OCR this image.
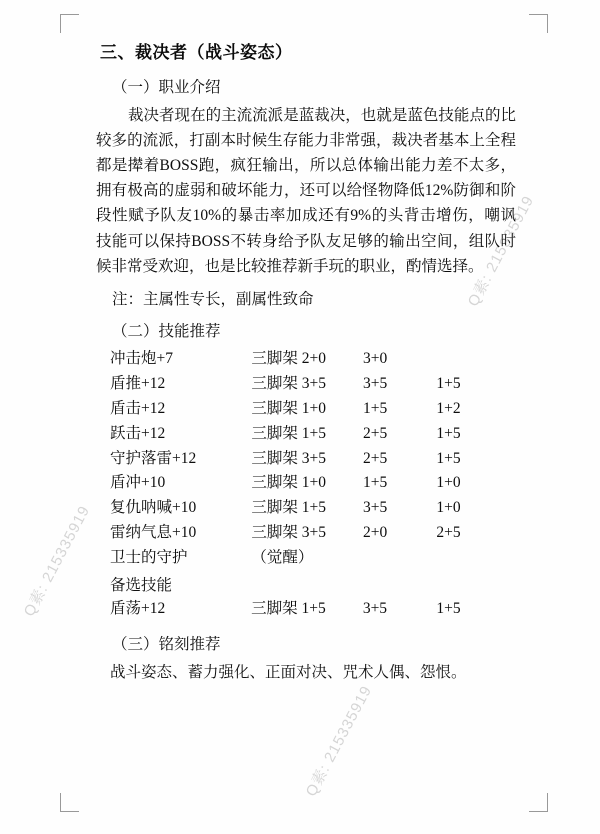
三、裁决者（战斗姿态）
（一）职业介绍

裁决者现在的主流流派是蓝裁决，也就是蓝色技能点的比较多的流派，打副本时候生存能力非常强，裁决者基本上全程都是撵着BOSS跑，疯狂输出，所以总体输出能力差不太多，拥有极高的虚弱和破坏能力，还可以给怪物降低12%防御和阶段性赋予队友10%的暴击率加成还有9%的头背击增伤，嘲讽技能可以保持BOSS不转身给予队友足够的输出空间，组队时候非常受欢迎，也是比较推荐新手玩的职业，酌情选择。

注：主属性专长，副属性致命
（二）技能推荐
冲击炮+7	三脚架 2+0	3+0	
盾推+12	三脚架 3+5	3+5	1+5
盾击+12	三脚架 1+0	1+5	1+2
跃击+12	三脚架 1+5	2+5	1+5
守护落雷+12	三脚架 3+5	2+5	1+5
盾冲+10	三脚架 1+0	1+5	1+0
复仇呐喊+10	三脚架 1+5	3+5	1+0
雷纳气息+10	三脚架 3+5	2+0	2+5
卫士的守护	（觉醒）		
备选技能
盾荡+12	三脚架 1+5	3+5	1+5
（三）铭刻推荐
战斗姿态、蓄力强化、正面对决、咒术人偶、怨恨。
Q素: 215335919
Q素: 215335919
Q素: 215335919
